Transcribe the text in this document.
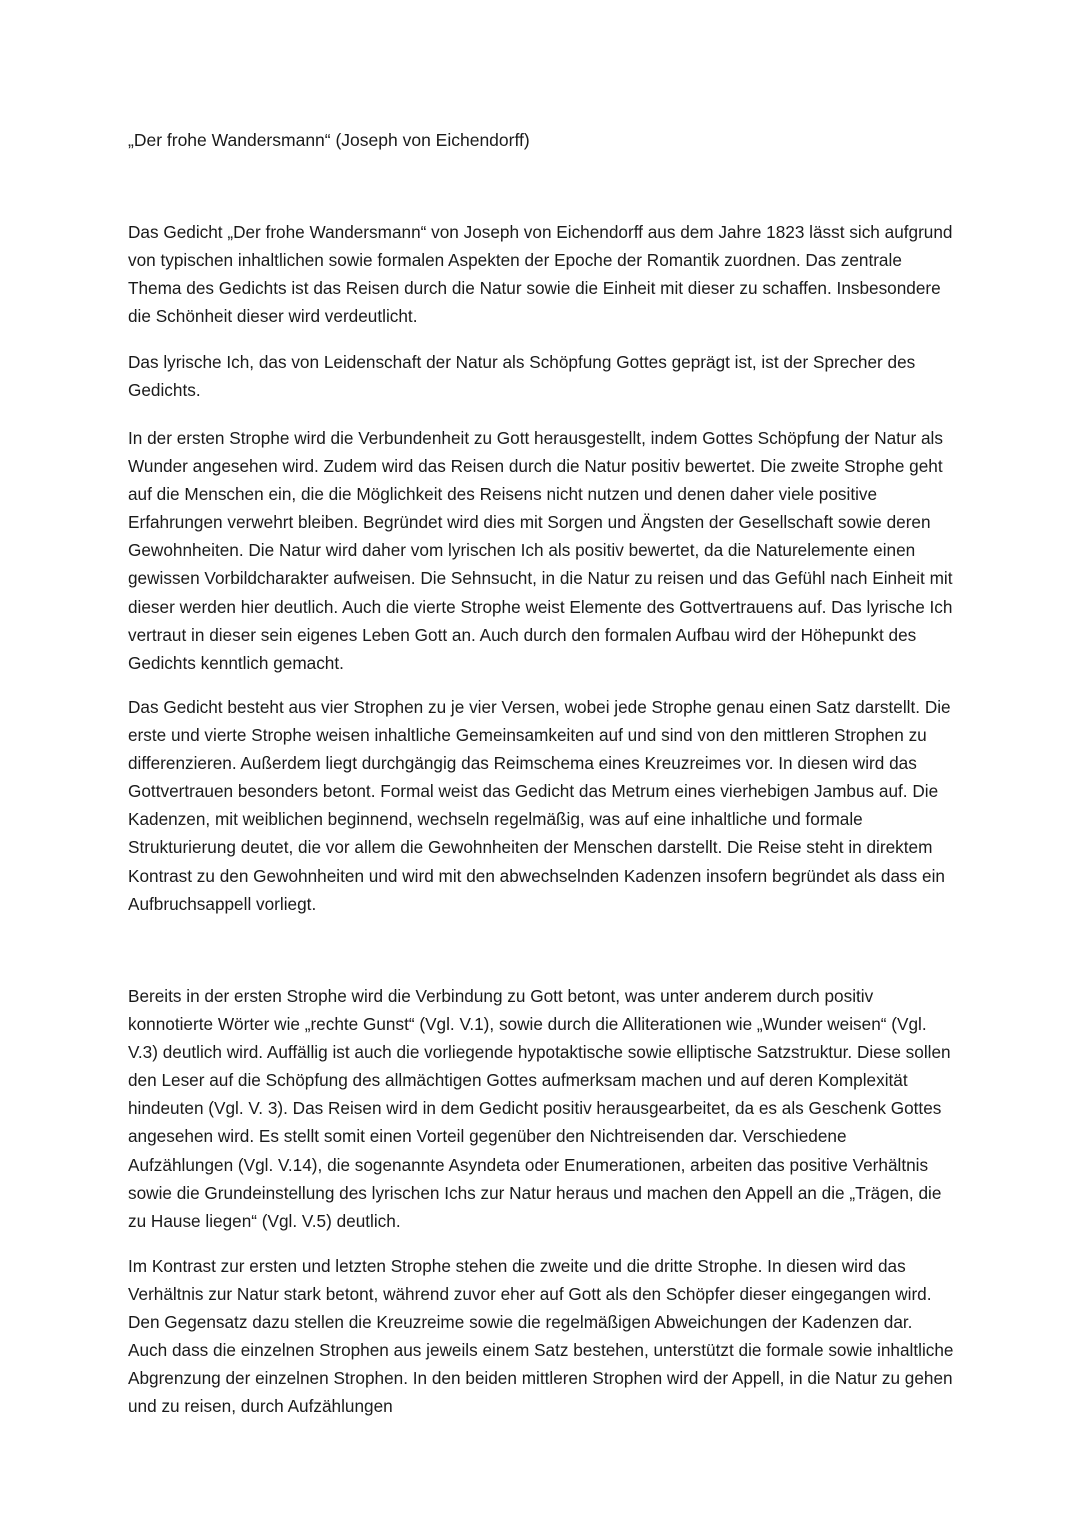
„Der frohe Wandersmann“ (Joseph von Eichendorff)

Das Gedicht „Der frohe Wandersmann“ von Joseph von Eichendorff aus dem Jahre 1823 lässt sich aufgrund von typischen inhaltlichen sowie formalen Aspekten der Epoche der Romantik zuordnen. Das zentrale Thema des Gedichts ist das Reisen durch die Natur sowie die Einheit mit dieser zu schaffen. Insbesondere die Schönheit dieser wird verdeutlicht.

Das lyrische Ich, das von Leidenschaft der Natur als Schöpfung Gottes geprägt ist, ist der Sprecher des Gedichts.

In der ersten Strophe wird die Verbundenheit zu Gott herausgestellt, indem Gottes Schöpfung der Natur als Wunder angesehen wird. Zudem wird das Reisen durch die Natur positiv bewertet. Die zweite Strophe geht auf die Menschen ein, die die Möglichkeit des Reisens nicht nutzen und denen daher viele positive Erfahrungen verwehrt bleiben. Begründet wird dies mit Sorgen und Ängsten der Gesellschaft sowie deren Gewohnheiten. Die Natur wird daher vom lyrischen Ich als positiv bewertet, da die Naturelemente einen gewissen Vorbildcharakter aufweisen. Die Sehnsucht, in die Natur zu reisen und das Gefühl nach Einheit mit dieser werden hier deutlich. Auch die vierte Strophe weist Elemente des Gottvertrauens auf. Das lyrische Ich vertraut in dieser sein eigenes Leben Gott an. Auch durch den formalen Aufbau wird der Höhepunkt des Gedichts kenntlich gemacht.

Das Gedicht besteht aus vier Strophen zu je vier Versen, wobei jede Strophe genau einen Satz darstellt. Die erste und vierte Strophe weisen inhaltliche Gemeinsamkeiten auf und sind von den mittleren Strophen zu differenzieren. Außerdem liegt durchgängig das Reimschema eines Kreuzreimes vor. In diesen wird das Gottvertrauen besonders betont. Formal weist das Gedicht das Metrum eines vierhebigen Jambus auf. Die Kadenzen, mit weiblichen beginnend, wechseln regelmäßig, was auf eine inhaltliche und formale Strukturierung deutet, die vor allem die Gewohnheiten der Menschen darstellt. Die Reise steht in direktem Kontrast zu den Gewohnheiten und wird mit den abwechselnden Kadenzen insofern begründet als dass ein Aufbruchsappell vorliegt.

Bereits in der ersten Strophe wird die Verbindung zu Gott betont, was unter anderem durch positiv konnotierte Wörter wie „rechte Gunst“ (Vgl. V.1), sowie durch die Alliterationen wie „Wunder weisen“ (Vgl. V.3) deutlich wird. Auffällig ist auch die vorliegende hypotaktische sowie elliptische Satzstruktur. Diese sollen den Leser auf die Schöpfung des allmächtigen Gottes aufmerksam machen und auf deren Komplexität hindeuten (Vgl. V. 3). Das Reisen wird in dem Gedicht positiv herausgearbeitet, da es als Geschenk Gottes angesehen wird. Es stellt somit einen Vorteil gegenüber den Nichtreisenden dar. Verschiedene Aufzählungen (Vgl. V.14), die sogenannte Asyndeta oder Enumerationen, arbeiten das positive Verhältnis sowie die Grundeinstellung des lyrischen Ichs zur Natur heraus und machen den Appell an die „Trägen, die zu Hause liegen“ (Vgl. V.5) deutlich.

Im Kontrast zur ersten und letzten Strophe stehen die zweite und die dritte Strophe. In diesen wird das Verhältnis zur Natur stark betont, während zuvor eher auf Gott als den Schöpfer dieser eingegangen wird. Den Gegensatz dazu stellen die Kreuzreime sowie die regelmäßigen Abweichungen der Kadenzen dar. Auch dass die einzelnen Strophen aus jeweils einem Satz bestehen, unterstützt die formale sowie inhaltliche Abgrenzung der einzelnen Strophen. In den beiden mittleren Strophen wird der Appell, in die Natur zu gehen und zu reisen, durch Aufzählungen
